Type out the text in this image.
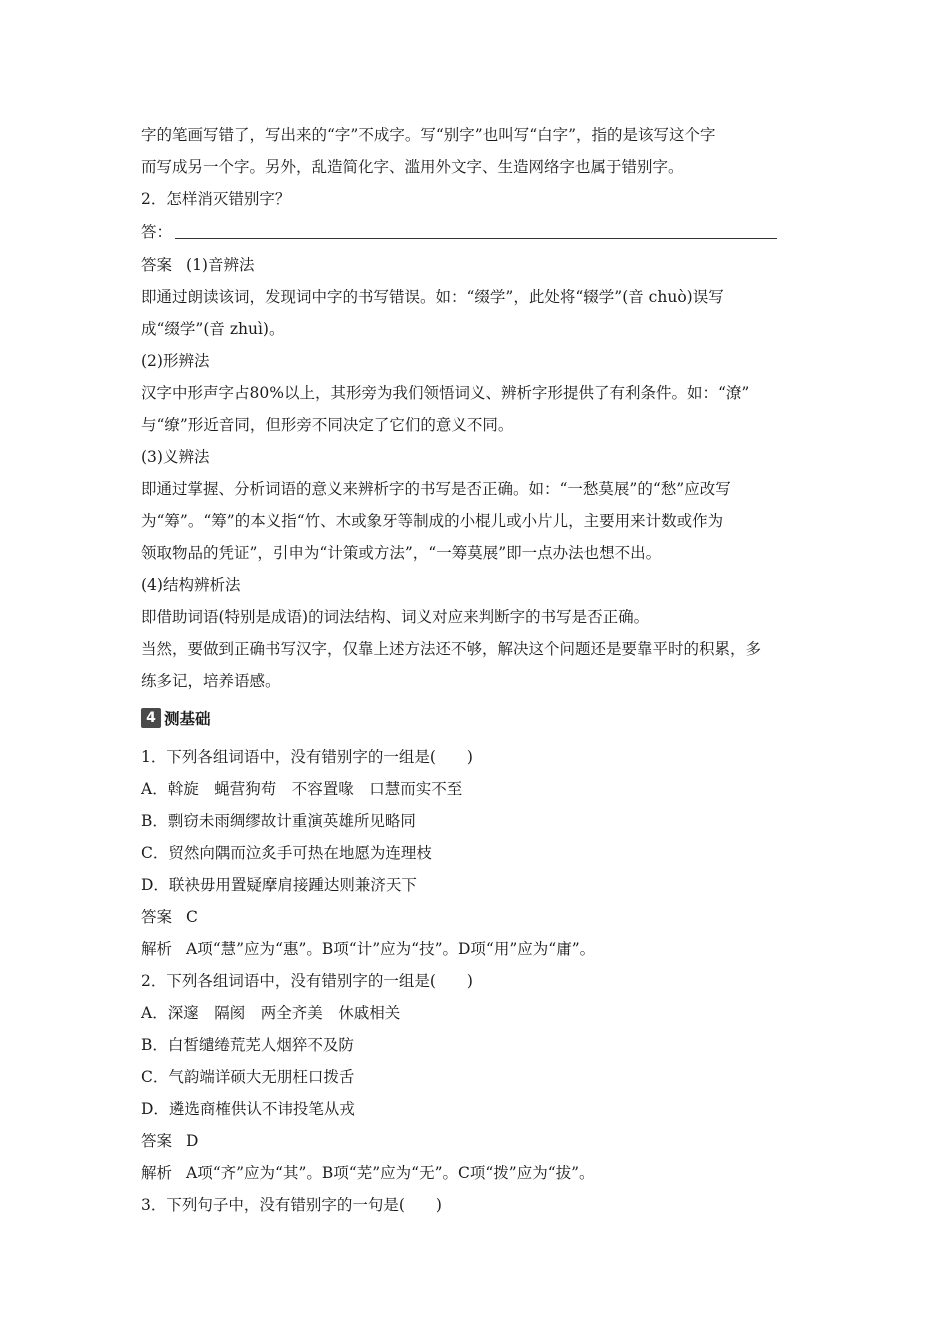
字的笔画写错了，写出来的“字”不成字。写“别字”也叫写“白字”，指的是该写这个字
而写成另一个字。另外，乱造简化字、滥用外文字、生造网络字也属于错别字。
2．怎样消灭错别字？
答：
答案 (1)音辨法
即通过朗读该词，发现词中字的书写错误。如：“缀学”，此处将“辍学”(音 chuò)误写
成“缀学”(音 zhuì)。
(2)形辨法
汉字中形声字占80%以上，其形旁为我们领悟词义、辨析字形提供了有利条件。如：“潦”
与“缭”形近音同，但形旁不同决定了它们的意义不同。
(3)义辨法
即通过掌握、分析词语的意义来辨析字的书写是否正确。如：“一愁莫展”的“愁”应改写
为“筹”。“筹”的本义指“竹、木或象牙等制成的小棍儿或小片儿，主要用来计数或作为
领取物品的凭证”，引申为“计策或方法”，“一筹莫展”即一点办法也想不出。
(4)结构辨析法
即借助词语(特别是成语)的词法结构、词义对应来判断字的书写是否正确。
当然，要做到正确书写汉字，仅靠上述方法还不够，解决这个问题还是要靠平时的积累，多
练多记，培养语感。
4 测基础
1．下列各组词语中，没有错别字的一组是(　　)
A．斡旋　蝇营狗苟　不容置喙　口慧而实不至
B．剽窃未雨绸缪故计重演英雄所见略同
C．贸然向隅而泣炙手可热在地愿为连理枝
D．联袂毋用置疑摩肩接踵达则兼济天下
答案 C
解析 A项“慧”应为“惠”。B项“计”应为“技”。D项“用”应为“庸”。
2．下列各组词语中，没有错别字的一组是(　　)
A．深邃　隔阂　两全齐美　休戚相关
B．白皙缱绻荒芜人烟猝不及防
C．气韵端详硕大无朋枉口拨舌
D．遴选商榷供认不讳投笔从戎
答案 D
解析 A项“齐”应为“其”。B项“芜”应为“无”。C项“拨”应为“拔”。
3．下列句子中，没有错别字的一句是(　　)
